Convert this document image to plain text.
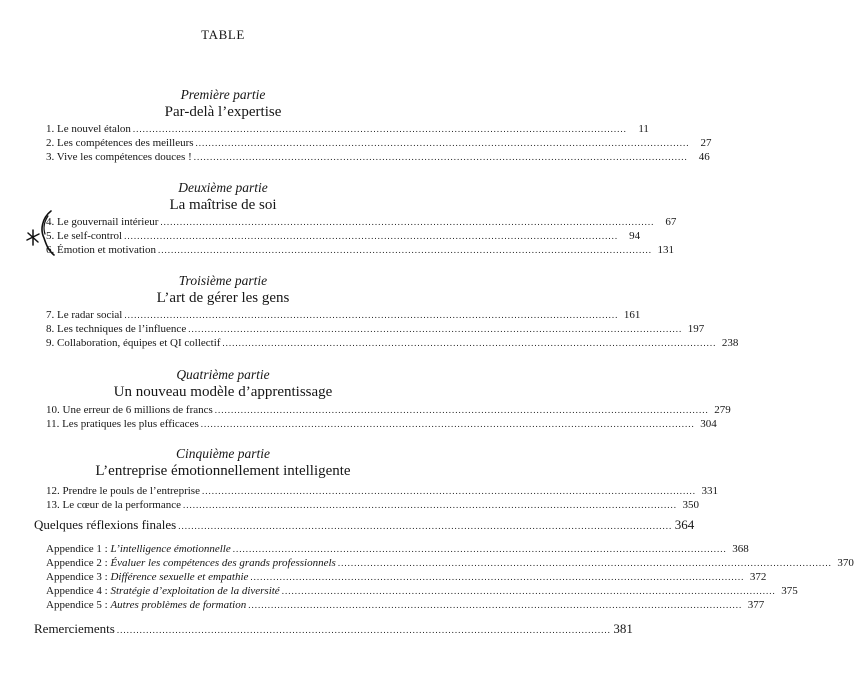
TABLE
Première partie
Par-delà l’expertise
1. Le nouvel étalon ........................................................................................................................................................	11
2. Les compétences des meilleurs ........................................................................................................................................................	27
3. Vive les compétences douces ! ........................................................................................................................................................	46
Deuxième partie
La maîtrise de soi
4. Le gouvernail intérieur ........................................................................................................................................................	67
5. Le self-control ........................................................................................................................................................	94
6. Émotion et motivation ........................................................................................................................................................ 131
Troisième partie
L’art de gérer les gens
7. Le radar social ........................................................................................................................................................ 161
8. Les techniques de l’influence ........................................................................................................................................................ 197
9. Collaboration, équipes et QI collectif ........................................................................................................................................................ 238
Quatrième partie
Un nouveau modèle d’apprentissage
10. Une erreur de 6 millions de francs ........................................................................................................................................................ 279
11. Les pratiques les plus efficaces ........................................................................................................................................................ 304
Cinquième partie
L’entreprise émotionnellement intelligente
12. Prendre le pouls de l’entreprise ........................................................................................................................................................ 331
13. Le cœur de la performance ........................................................................................................................................................ 350
Quelques réflexions finales ........................................................................................................................................................ 364
Appendice 1 : L’intelligence émotionnelle ........................................................................................................................................................ 368
Appendice 2 : Évaluer les compétences des grands professionnels ........................................................................................................................................................ 370
Appendice 3 : Différence sexuelle et empathie ........................................................................................................................................................ 372
Appendice 4 : Stratégie d’exploitation de la diversité ........................................................................................................................................................ 375
Appendice 5 : Autres problèmes de formation ........................................................................................................................................................ 377
Remerciements ........................................................................................................................................................ 381
